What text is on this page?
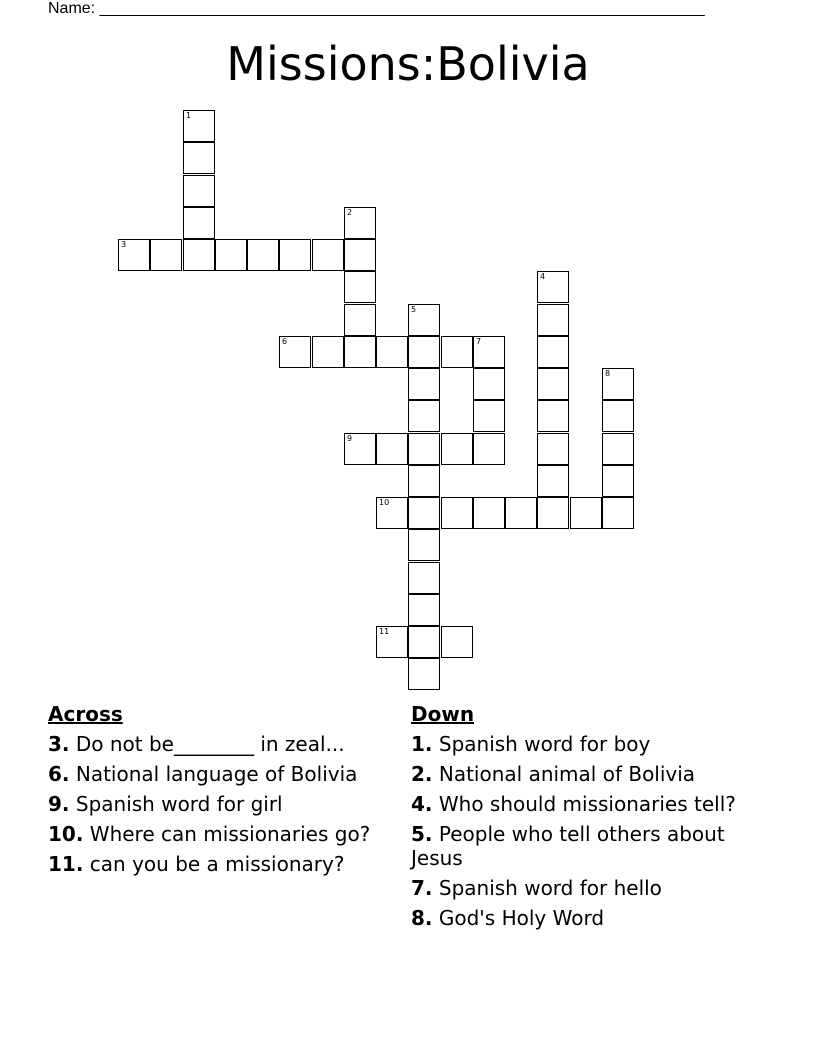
Name: ____________________________________________________________________
Missions:Bolivia
1
2
3
4
5
6	7
8
9
10
11
Across
3. Do not be________ in zeal...
6. National language of Bolivia
9. Spanish word for girl
10. Where can missionaries go?
11. can you be a missionary?
Down
1. Spanish word for boy
2. National animal of Bolivia
4. Who should missionaries tell?
5. People who tell others about Jesus
7. Spanish word for hello
8. God's Holy Word
